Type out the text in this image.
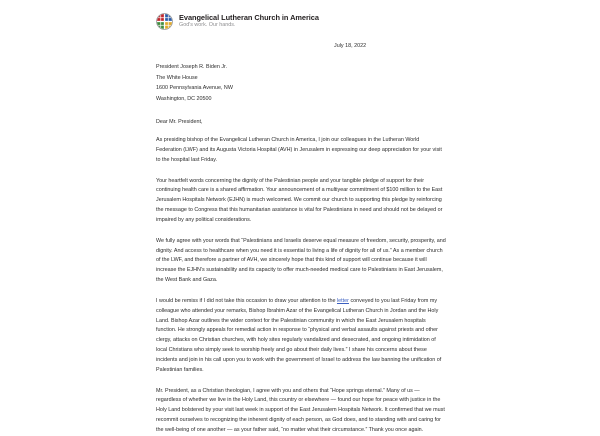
Evangelical Lutheran Church in America
God's work. Our hands.
July 18, 2022
President Joseph R. Biden Jr.
The White House
1600 Pennsylvania Avenue, NW
Washington, DC 20500
Dear Mr. President,
As presiding bishop of the Evangelical Lutheran Church in America, I join our colleagues in the Lutheran World Federation (LWF) and its Augusta Victoria Hospital (AVH) in Jerusalem in expressing our deep appreciation for your visit to the hospital last Friday.
Your heartfelt words concerning the dignity of the Palestinian people and your tangible pledge of support for their continuing health care is a shared affirmation. Your announcement of a multiyear commitment of $100 million to the East Jerusalem Hospitals Network (EJHN) is much welcomed. We commit our church to supporting this pledge by reinforcing the message to Congress that this humanitarian assistance is vital for Palestinians in need and should not be delayed or impaired by any political considerations.
We fully agree with your words that “Palestinians and Israelis deserve equal measure of freedom, security, prosperity, and dignity. And access to healthcare when you need it is essential to living a life of dignity for all of us.” As a member church of the LWF, and therefore a partner of AVH, we sincerely hope that this kind of support will continue because it will increase the EJHN’s sustainability and its capacity to offer much-needed medical care to Palestinians in East Jerusalem, the West Bank and Gaza.
I would be remiss if I did not take this occasion to draw your attention to the letter conveyed to you last Friday from my colleague who attended your remarks, Bishop Ibrahim Azar of the Evangelical Lutheran Church in Jordan and the Holy Land. Bishop Azar outlines the wider context for the Palestinian community in which the East Jerusalem hospitals function. He strongly appeals for remedial action in response to “physical and verbal assaults against priests and other clergy, attacks on Christian churches, with holy sites regularly vandalized and desecrated, and ongoing intimidation of local Christians who simply seek to worship freely and go about their daily lives.” I share his concerns about these incidents and join in his call upon you to work with the government of Israel to address the law banning the unification of Palestinian families.
Mr. President, as a Christian theologian, I agree with you and others that “Hope springs eternal.” Many of us — regardless of whether we live in the Holy Land, this country or elsewhere — found our hope for peace with justice in the Holy Land bolstered by your visit last week in support of the East Jerusalem Hospitals Network. It confirmed that we must recommit ourselves to recognizing the inherent dignity of each person, as God does, and to standing with and caring for the well-being of one another — as your father said, “no matter what their circumstance.” Thank you once again.
